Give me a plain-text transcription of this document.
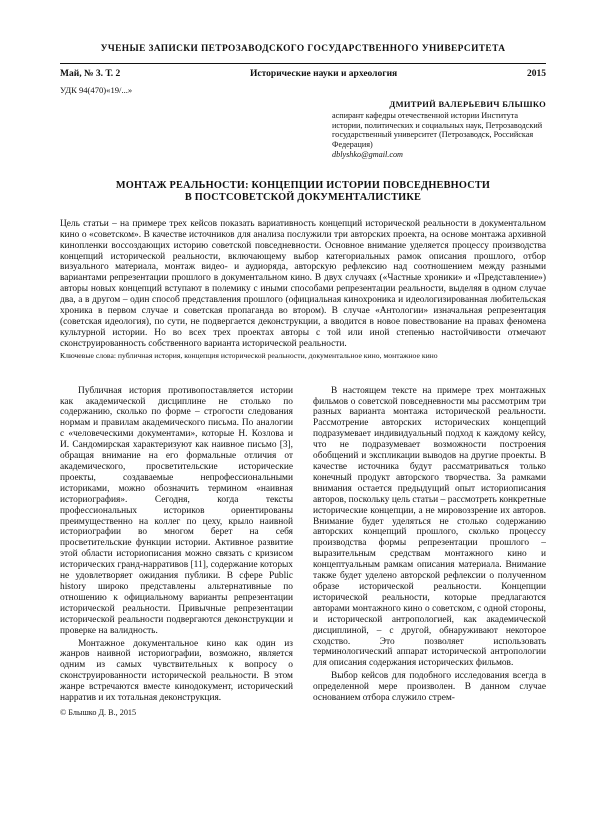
УЧЕНЫЕ ЗАПИСКИ ПЕТРОЗАВОДСКОГО ГОСУДАРСТВЕННОГО УНИВЕРСИТЕТА
Май, № 3. Т. 2	Исторические науки и археология	2015
УДК 94(470)«19/...»
ДМИТРИЙ ВАЛЕРЬЕВИЧ БЛЫШКО
аспирант кафедры отечественной истории Института истории, политических и социальных наук, Петрозаводский государственный университет (Петрозаводск, Российская Федерация)
dblyshko@gmail.com
МОНТАЖ РЕАЛЬНОСТИ: КОНЦЕПЦИИ ИСТОРИИ ПОВСЕДНЕВНОСТИ
В ПОСТСОВЕТСКОЙ ДОКУМЕНТАЛИСТИКЕ
Цель статьи – на примере трех кейсов показать вариативность концепций исторической реальности в документальном кино о «советском». В качестве источников для анализа послужили три авторских проекта, на основе монтажа архивной кинопленки воссоздающих историю советской повседневности. Основное внимание уделяется процессу производства концепций исторической реальности, включающему выбор категориальных рамок описания прошлого, отбор визуального материала, монтаж видео- и аудиоряда, авторскую рефлексию над соотношением между разными вариантами репрезентации прошлого в документальном кино. В двух случаях («Частные хроники» и «Представление») авторы новых концепций вступают в полемику с иными способами репрезентации реальности, выделяя в одном случае два, а в другом – один способ представления прошлого (официальная кинохроника и идеологизированная любительская хроника в первом случае и советская пропаганда во втором). В случае «Антологии» изначальная репрезентация (советская идеология), по сути, не подвергается деконструкции, а вводится в новое повествование на правах феномена культурной истории. Но во всех трех проектах авторы с той или иной степенью настойчивости отмечают сконструированность собственного варианта исторической реальности.
Ключевые слова: публичная история, концепция исторической реальности, документальное кино, монтажное кино

Публичная история противопоставляется истории как академической дисциплине не столько по содержанию, сколько по форме – строгости следования нормам и правилам академического письма. По аналогии с «человеческими документами», которые Н. Козлова и И. Сандомирская характеризуют как наивное письмо [3], обращая внимание на его формальные отличия от академического, просветительские исторические проекты, создаваемые непрофессиональными историками, можно обозначить термином «наивная историография». Сегодня, когда тексты профессиональных историков ориентированы преимущественно на коллег по цеху, крыло наивной историографии во многом берет на себя просветительские функции истории. Активное развитие этой области историописания можно связать с кризисом исторических гранд-нарративов [11], содержание которых не удовлетворяет ожидания публики. В сфере Public history широко представлены альтернативные по отношению к официальному варианты репрезентации исторической реальности. Привычные репрезентации исторической реальности подвергаются деконструкции и проверке на валидность.

Монтажное документальное кино как один из жанров наивной историографии, возможно, является одним из самых чувствительных к вопросу о сконструированности исторической реальности. В этом жанре встречаются вместе кинодокумент, исторический нарратив и их тотальная деконструкция.

© Блышко Д. В., 2015

В настоящем тексте на примере трех монтажных фильмов о советской повседневности мы рассмотрим три разных варианта монтажа исторической реальности. Рассмотрение авторских исторических концепций подразумевает индивидуальный подход к каждому кейсу, что не подразумевает возможности построения обобщений и экспликации выводов на другие проекты. В качестве источника будут рассматриваться только конечный продукт авторского творчества. За рамками внимания остается предыдущий опыт историописания авторов, поскольку цель статьи – рассмотреть конкретные исторические концепции, а не мировоззрение их авторов. Внимание будет уделяться не столько содержанию авторских концепций прошлого, сколько процессу производства формы репрезентации прошлого – выразительным средствам монтажного кино и концептуальным рамкам описания материала. Внимание также будет уделено авторской рефлексии о полученном образе исторической реальности. Концепции исторической реальности, которые предлагаются авторами монтажного кино о советском, с одной стороны, и исторической антропологией, как академической дисциплиной, – с другой, обнаруживают некоторое сходство. Это позволяет использовать терминологический аппарат исторической антропологии для описания содержания исторических фильмов.

Выбор кейсов для подобного исследования всегда в определенной мере произволен. В данном случае основанием отбора служило стрем-
